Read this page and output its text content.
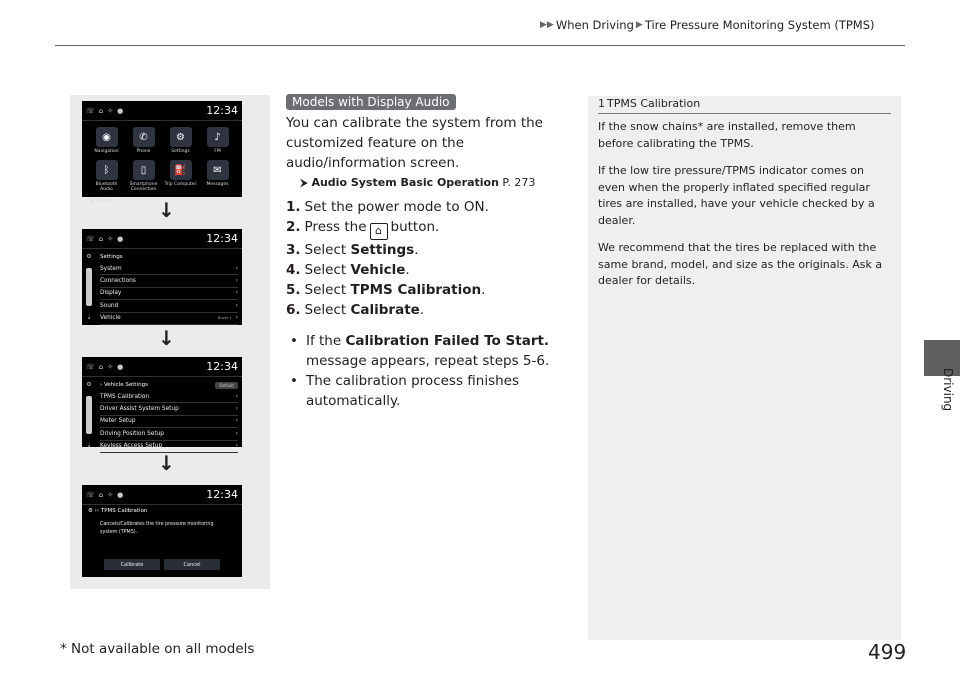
▶▶ When Driving ▶ Tire Pressure Monitoring System (TPMS)
Driving
☏ ⌂ ✧ ●	12:34
◉
Navigation
✆
Phone
⚙
Settings
♪
FM
ᛒ
Bluetooth Audio
▯
Smartphone Connection
⛽
Trip Computer
✉
Messages
⊞ All Apps	↓
☏ ⌂ ✧ ●	12:34
⚙
⇣
Settings
System	›
Connections	›
Display	›
Sound	›
Vehicle	Driver 1 ›
↓
☏ ⌂ ✧ ●	12:34
⚙
⇣
› Vehicle Settings	Default
TPMS Calibration	›
Driver Assist System Setup	›
Meter Setup	›
Driving Position Setup	›
Keyless Access Setup	›
↓
☏ ⌂ ✧ ●	12:34
⚙ ›› TPMS Calibration
Cancels/Calibrates the tire pressure monitoring system (TPMS).
Calibrate	Cancel
Models with Display Audio

You can calibrate the system from the customized feature on the audio/information screen.

⮞ Audio System Basic Operation P. 273
1. Set the power mode to ON.
2. Press the ⌂ button.
3. Select Settings.
4. Select Vehicle.
5. Select TPMS Calibration.
6. Select Calibrate.
• If the Calibration Failed To Start.
message appears, repeat steps 5-6.
• The calibration process finishes automatically.
1 TPMS Calibration

If the snow chains* are installed, remove them before calibrating the TPMS.

If the low tire pressure/TPMS indicator comes on even when the properly inflated specified regular tires are installed, have your vehicle checked by a dealer.

We recommend that the tires be replaced with the same brand, model, and size as the originals. Ask a dealer for details.

* Not available on all models	499
